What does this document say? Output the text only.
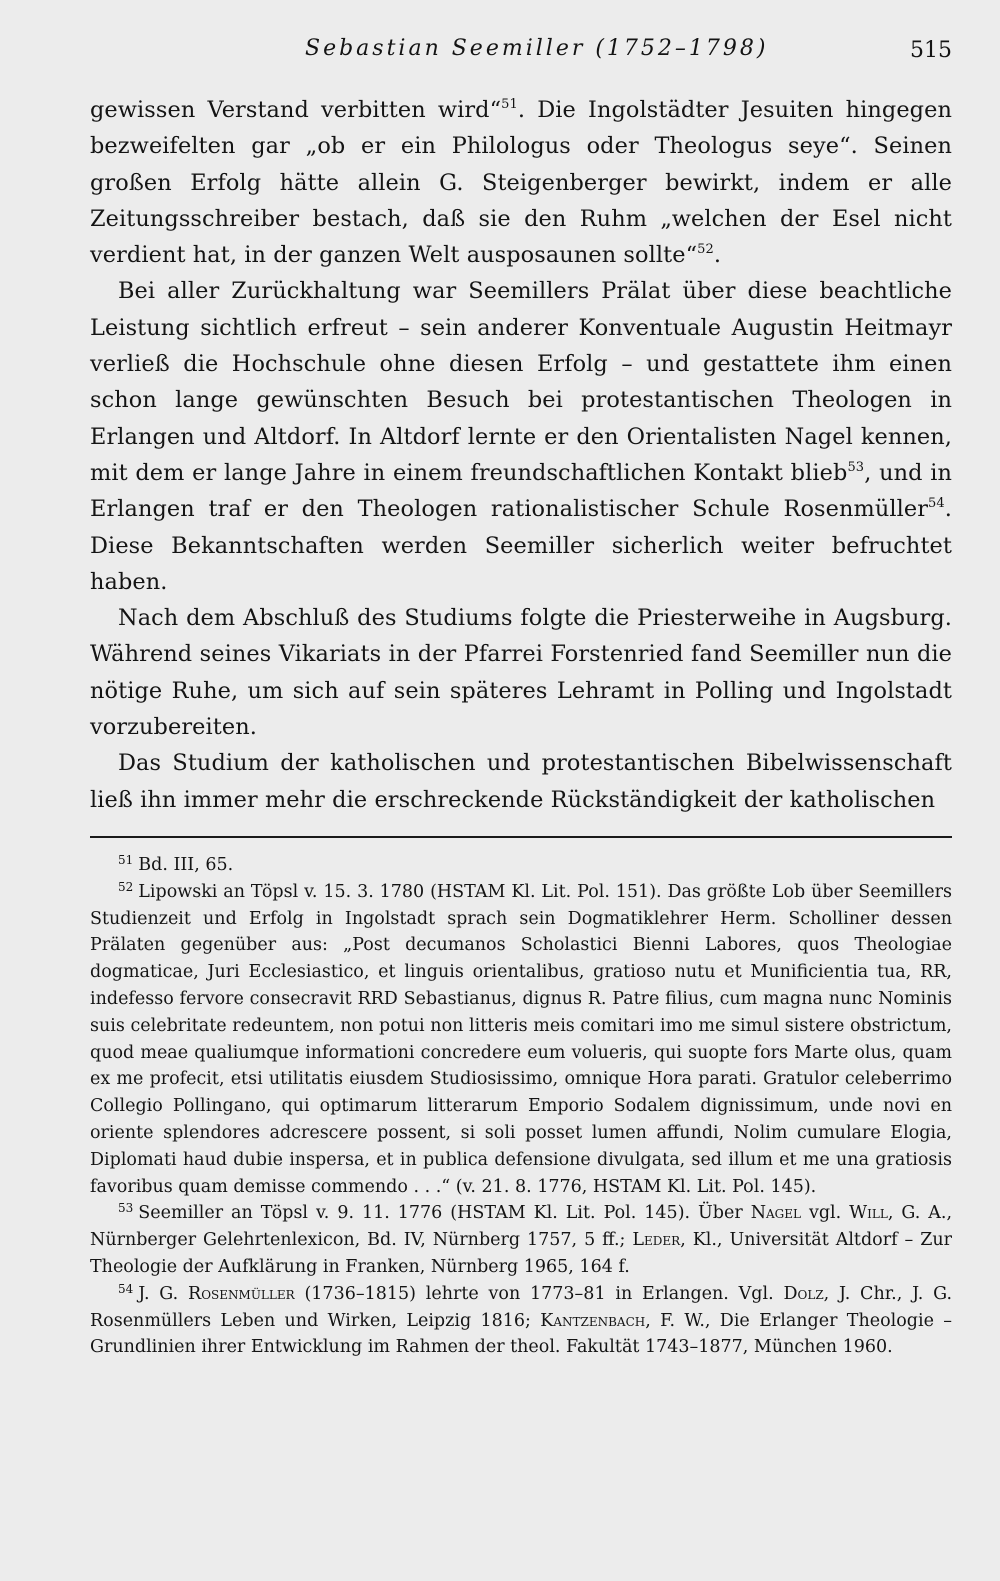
Sebastian Seemiller (1752–1798)	515

gewissen Verstand verbitten wird“$^{51}$. Die Ingolstädter Jesuiten hingegen bezweifelten gar „ob er ein Philologus oder Theologus seye“. Seinen großen Erfolg hätte allein G. Steigenberger bewirkt, indem er alle Zeitungsschreiber bestach, daß sie den Ruhm „welchen der Esel nicht verdient hat, in der ganzen Welt ausposaunen sollte“$^{52}$.

Bei aller Zurückhaltung war Seemillers Prälat über diese beachtliche Leistung sichtlich erfreut – sein anderer Konventuale Augustin Heitmayr verließ die Hochschule ohne diesen Erfolg – und gestattete ihm einen schon lange gewünschten Besuch bei protestantischen Theologen in Erlangen und Altdorf. In Altdorf lernte er den Orientalisten Nagel kennen, mit dem er lange Jahre in einem freundschaftlichen Kontakt blieb$^{53}$, und in Erlangen traf er den Theologen rationalistischer Schule Rosenmüller$^{54}$. Diese Bekanntschaften werden Seemiller sicherlich weiter befruchtet haben.

Nach dem Abschluß des Studiums folgte die Priesterweihe in Augsburg. Während seines Vikariats in der Pfarrei Forstenried fand Seemiller nun die nötige Ruhe, um sich auf sein späteres Lehramt in Polling und Ingolstadt vorzubereiten.

Das Studium der katholischen und protestantischen Bibelwissenschaft ließ ihn immer mehr die erschreckende Rückständigkeit der katholischen

$^{51}$ Bd. III, 65.

$^{52}$ Lipowski an Töpsl v. 15. 3. 1780 (HSTAM Kl. Lit. Pol. 151). Das größte Lob über Seemillers Studienzeit und Erfolg in Ingolstadt sprach sein Dogmatiklehrer Herm. Scholliner dessen Prälaten gegenüber aus: „Post decumanos Scholastici Bienni Labores, quos Theologiae dogmaticae, Juri Ecclesiastico, et linguis orientalibus, gratioso nutu et Munificientia tua, RR, indefesso fervore consecravit RRD Sebastianus, dignus R. Patre filius, cum magna nunc Nominis suis celebritate redeuntem, non potui non litteris meis comitari imo me simul sistere obstrictum, quod meae qualiumque informationi concredere eum volueris, qui suopte fors Marte olus, quam ex me profecit, etsi utilitatis eiusdem Studiosissimo, omnique Hora parati. Gratulor celeberrimo Collegio Pollingano, qui optimarum litterarum Emporio Sodalem dignissimum, unde novi en oriente splendores adcrescere possent, si soli posset lumen affundi, Nolim cumulare Elogia, Diplomati haud dubie inspersa, et in publica defensione divulgata, sed illum et me una gratiosis favoribus quam demisse commendo . . .“ (v. 21. 8. 1776, HSTAM Kl. Lit. Pol. 145).

$^{53}$ Seemiller an Töpsl v. 9. 11. 1776 (HSTAM Kl. Lit. Pol. 145). Über Nagel vgl. Will, G. A., Nürnberger Gelehrtenlexicon, Bd. IV, Nürnberg 1757, 5 ff.; Leder, Kl., Universität Altdorf – Zur Theologie der Aufklärung in Franken, Nürnberg 1965, 164 f.

$^{54}$ J. G. Rosenmüller (1736–1815) lehrte von 1773–81 in Erlangen. Vgl. Dolz, J. Chr., J. G. Rosenmüllers Leben und Wirken, Leipzig 1816; Kantzenbach, F. W., Die Erlanger Theologie – Grundlinien ihrer Entwicklung im Rahmen der theol. Fakultät 1743–1877, München 1960.
